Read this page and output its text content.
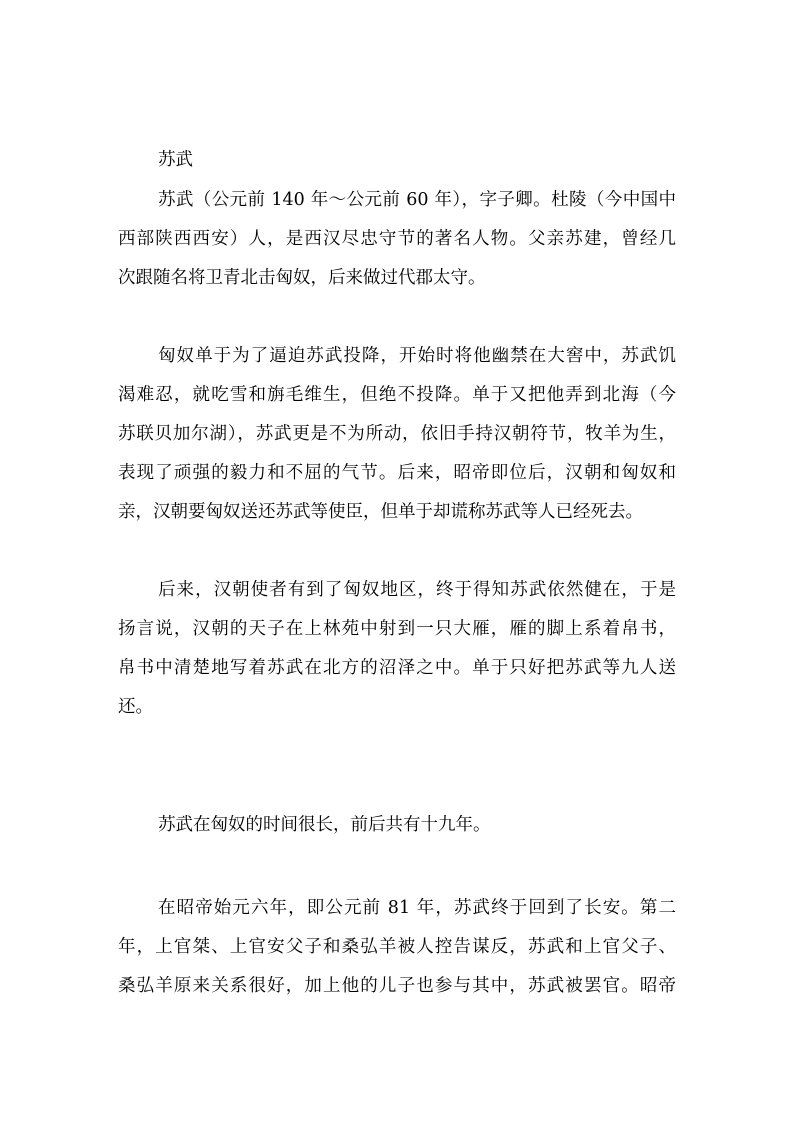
苏武
苏武（公元前 140 年～公元前 60 年），字子卿。杜陵（今中国中
西部陕西西安）人，是西汉尽忠守节的著名人物。父亲苏建，曾经几
次跟随名将卫青北击匈奴，后来做过代郡太守。
匈奴单于为了逼迫苏武投降，开始时将他幽禁在大窖中，苏武饥
渴难忍，就吃雪和旃毛维生，但绝不投降。单于又把他弄到北海（今
苏联贝加尔湖），苏武更是不为所动，依旧手持汉朝符节，牧羊为生，
表现了顽强的毅力和不屈的气节。后来，昭帝即位后，汉朝和匈奴和
亲，汉朝要匈奴送还苏武等使臣，但单于却谎称苏武等人已经死去。
后来，汉朝使者有到了匈奴地区，终于得知苏武依然健在，于是
扬言说，汉朝的天子在上林苑中射到一只大雁，雁的脚上系着帛书，
帛书中清楚地写着苏武在北方的沼泽之中。单于只好把苏武等九人送
还。
苏武在匈奴的时间很长，前后共有十九年。
在昭帝始元六年，即公元前 81 年，苏武终于回到了长安。第二
年，上官桀、上官安父子和桑弘羊被人控告谋反，苏武和上官父子、
桑弘羊原来关系很好，加上他的儿子也参与其中，苏武被罢官。昭帝
